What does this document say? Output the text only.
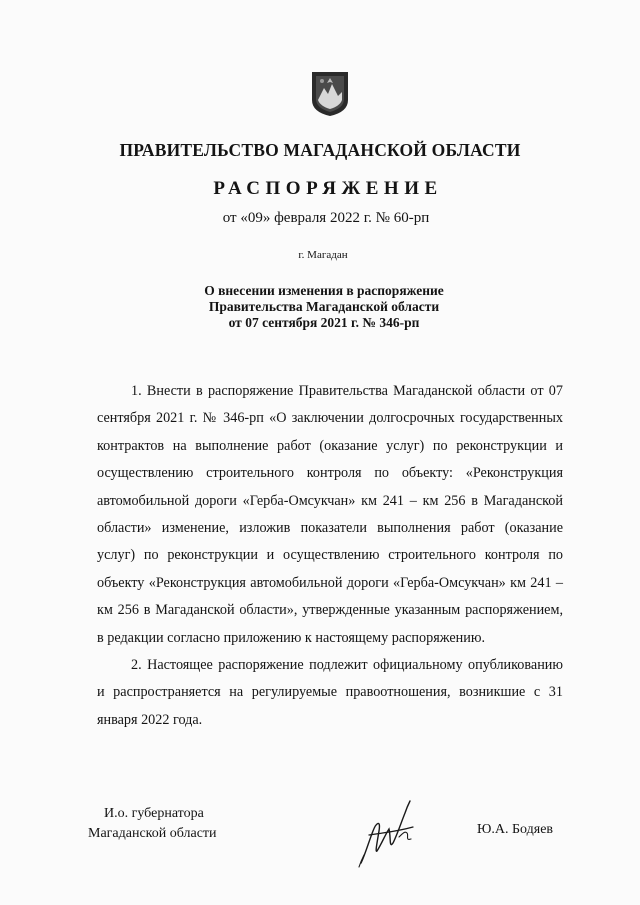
ПРАВИТЕЛЬСТВО МАГАДАНСКОЙ ОБЛАСТИ
РАСПОРЯЖЕНИЕ
от «09» февраля 2022 г. № 60-рп
г. Магадан
О внесении изменения в распоряжение
Правительства Магаданской области
от 07 сентября 2021 г. № 346-рп

1. Внести в распоряжение Правительства Магаданской области от 07 сентября 2021 г. № 346-рп «О заключении долгосрочных государственных контрактов на выполнение работ (оказание услуг) по реконструкции и осуществлению строительного контроля по объекту: «Реконструкция автомобильной дороги «Герба-Омсукчан» км 241 – км 256 в Магаданской области» изменение, изложив показатели выполнения работ (оказание услуг) по реконструкции и осуществлению строительного контроля по объекту «Реконструкция автомобильной дороги «Герба-Омсукчан» км 241 – км 256 в Магаданской области», утвержденные указанным распоряжением, в редакции согласно приложению к настоящему распоряжению.

2. Настоящее распоряжение подлежит официальному опубликованию и распространяется на регулируемые правоотношения, возникшие с 31 января 2022 года.

И.о. губернатора
Магаданской области	Ю.А. Бодяев
